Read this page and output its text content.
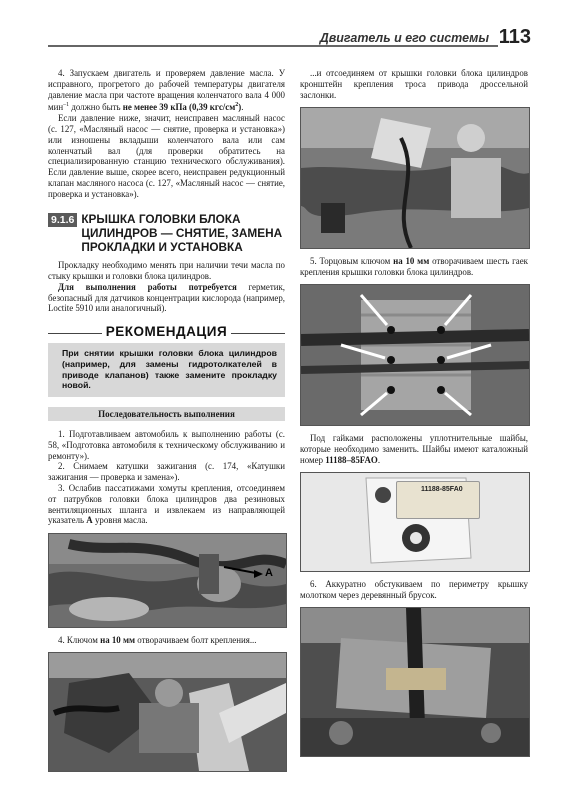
Двигатель и его системы 113

4. Запускаем двигатель и проверяем давление масла. У исправного, прогретого до рабочей температуры двигателя давление масла при частоте вращения коленчатого вала 4 000 мин$^{-1}$ должно быть не менее 39 кПа (0,39 кгс/$см^2$).

Если давление ниже, значит, неисправен масляный насос (с. 127, «Масляный насос — снятие, проверка и установка») или изношены вкладыши коленчатого вала или сам коленчатый вал (для проверки обратитесь на специализированную станцию технического обслуживания). Если давление выше, скорее всего, неисправен редукционный клапан масляного насоса (с. 127, «Масляный насос — снятие, проверка и установка»).

9.1.6 КРЫШКА ГОЛОВКИ БЛОКА ЦИЛИНДРОВ — СНЯТИЕ, ЗАМЕНА ПРОКЛАДКИ И УСТАНОВКА

Прокладку необходимо менять при наличии течи масла по стыку крышки и головки блока цилиндров.

Для выполнения работы потребуется герметик, безопасный для датчиков концентрации кислорода (например, Loctite 5910 или аналогичный).

РЕКОМЕНДАЦИЯ
При снятии крышки головки блока цилиндров (например, для замены гидротолкателей в приводе клапанов) также замените прокладку новой.
Последовательность выполнения

1. Подготавливаем автомобиль к выполнению работы (с. 58, «Подготовка автомобиля к техническому обслуживанию и ремонту»).

2. Снимаем катушки зажигания (с. 174, «Катушки зажигания — проверка и замена»).

3. Ослабив пассатижами хомуты крепления, отсоединяем от патрубков головки блока цилиндров два резиновых вентиляционных шланга и извлекаем из направляющей указатель А уровня масла.

A

4. Ключом на 10 мм отворачиваем болт крепления...

...и отсоединяем от крышки головки блока цилиндров кронштейн крепления троса привода дроссельной заслонки.

5. Торцовым ключом на 10 мм отворачиваем шесть гаек крепления крышки головки блока цилиндров.

Под гайками расположены уплотнительные шайбы, которые необходимо заменить. Шайбы имеют каталожный номер 11188–85FAO.

11188-85FA0

6. Аккуратно обстукиваем по периметру крышку молотком через деревянный брусок.
